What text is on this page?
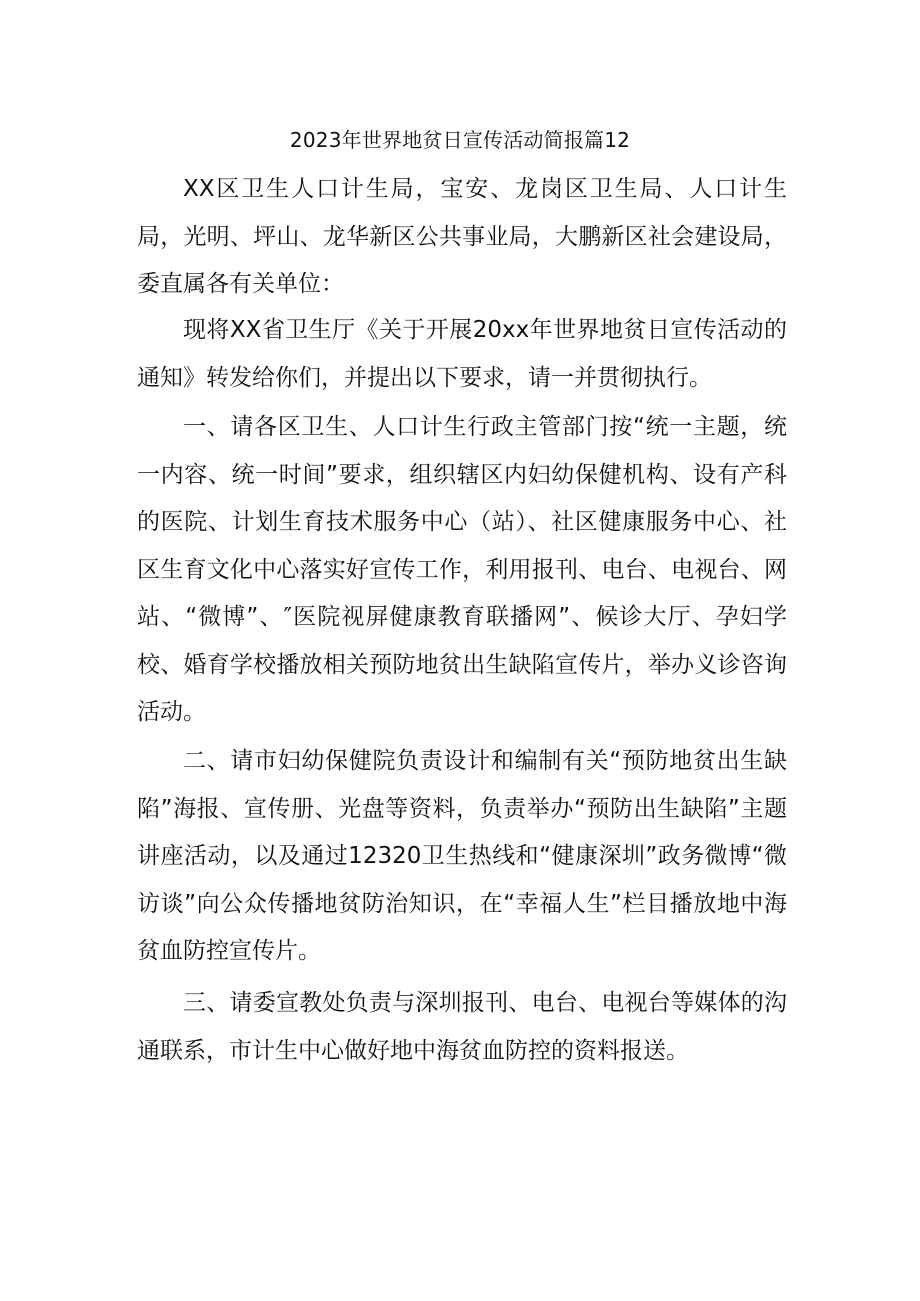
2023年世界地贫日宣传活动简报篇12

XX区卫生人口计生局，宝安、龙岗区卫生局、人口计生局，光明、坪山、龙华新区公共事业局，大鹏新区社会建设局，委直属各有关单位：

现将XX省卫生厅《关于开展20xx年世界地贫日宣传活动的通知》转发给你们，并提出以下要求，请一并贯彻执行。

一、请各区卫生、人口计生行政主管部门按“统一主题，统一内容、统一时间”要求，组织辖区内妇幼保健机构、设有产科的医院、计划生育技术服务中心（站）、社区健康服务中心、社区生育文化中心落实好宣传工作，利用报刊、电台、电视台、网站、“微博”、″医院视屏健康教育联播网”、候诊大厅、孕妇学校、婚育学校播放相关预防地贫出生缺陷宣传片，举办义诊咨询活动。

二、请市妇幼保健院负责设计和编制有关“预防地贫出生缺陷”海报、宣传册、光盘等资料，负责举办“预防出生缺陷”主题讲座活动，以及通过12320卫生热线和“健康深圳”政务微博“微访谈”向公众传播地贫防治知识，在“幸福人生”栏目播放地中海贫血防控宣传片。

三、请委宣教处负责与深圳报刊、电台、电视台等媒体的沟通联系，市计生中心做好地中海贫血防控的资料报送。
